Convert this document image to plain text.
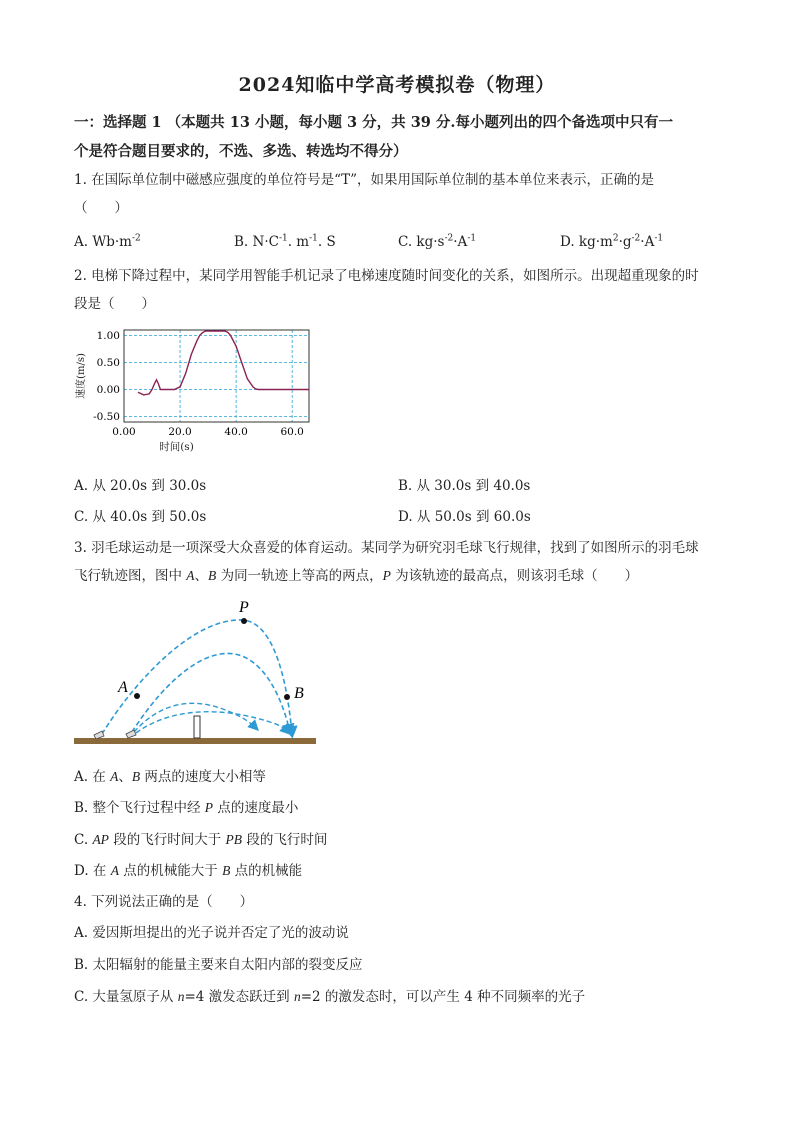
2024知临中学高考模拟卷（物理）
一：选择题 1 （本题共 13 小题，每小题 3 分，共 39 分.每小题列出的四个备选项中只有一
个是符合题目要求的，不选、多选、转选均不得分）
1. 在国际单位制中磁感应强度的单位符号是“T”，如果用国际单位制的基本单位来表示，正确的是
（　　）
A. $Wb\cdot m^{-2}$	B. $N\cdot C^{-1}$. $m^{-1}$. S	C. $kg\cdot s^{-2}\cdot A^{-1}$	D. $kg\cdot m^2\cdot g^{-2}\cdot A^{-1}$
2. 电梯下降过程中，某同学用智能手机记录了电梯速度随时间变化的关系，如图所示。出现超重现象的时
段是（　　）
0.00	20.0	40.0	60.0
1.00
0.50
0.00
-0.50
速度(m/s)
时间(s)
A. 从 20.0s 到 30.0s	B. 从 30.0s 到 40.0s
C. 从 40.0s 到 50.0s	D. 从 50.0s 到 60.0s
3. 羽毛球运动是一项深受大众喜爱的体育运动。某同学为研究羽毛球飞行规律，找到了如图所示的羽毛球
飞行轨迹图，图中 A、B 为同一轨迹上等高的两点，P 为该轨迹的最高点，则该羽毛球（　　）
P
A	B
A. 在 A、B 两点的速度大小相等
B. 整个飞行过程中经 P 点的速度最小
C. AP 段的飞行时间大于 PB 段的飞行时间
D. 在 A 点的机械能大于 B 点的机械能
4. 下列说法正确的是（　　）
A. 爱因斯坦提出的光子说并否定了光的波动说
B. 太阳辐射的能量主要来自太阳内部的裂变反应
C. 大量氢原子从 n=4 激发态跃迁到 n=2 的激发态时，可以产生 4 种不同频率的光子
